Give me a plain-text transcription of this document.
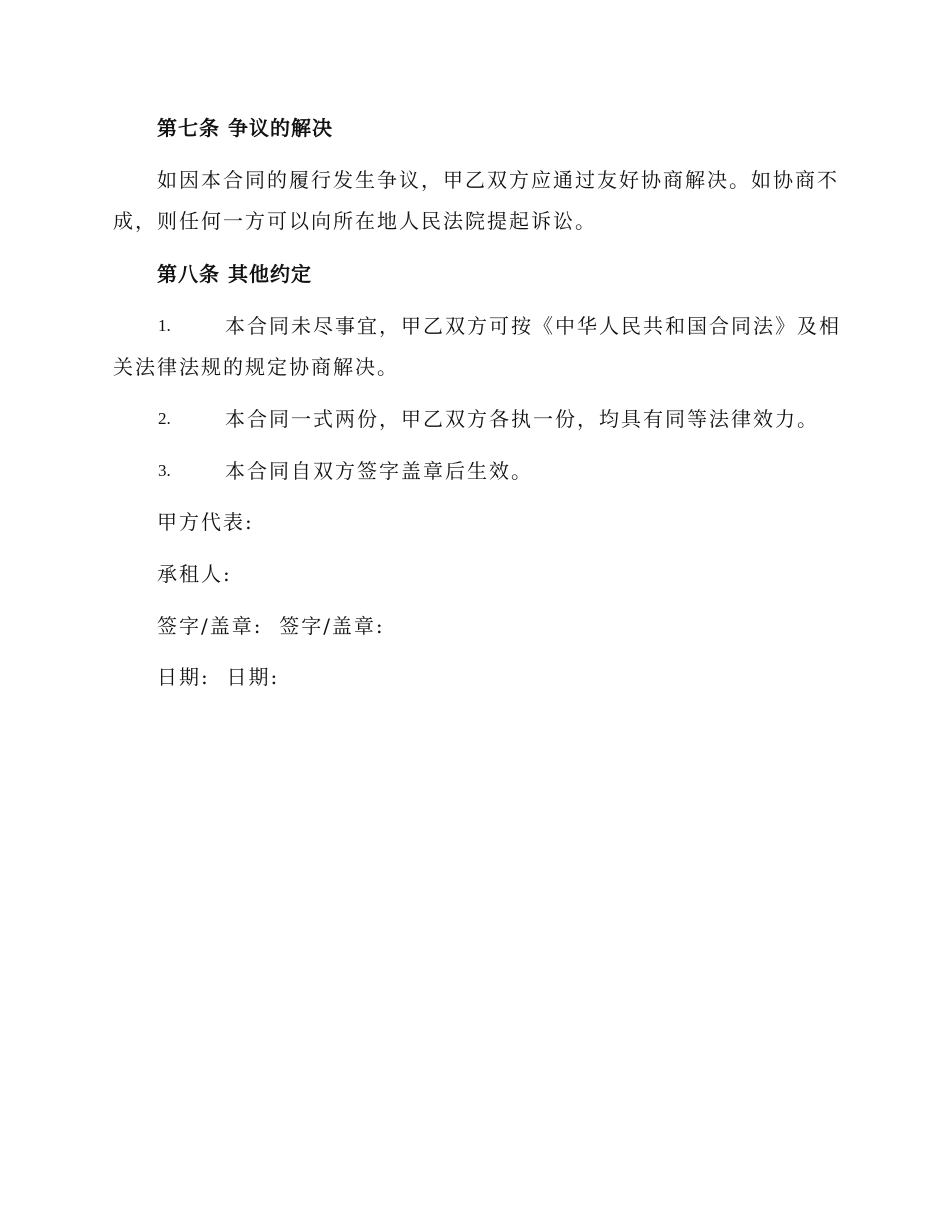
第七条 争议的解决
如因本合同的履行发生争议，甲乙双方应通过友好协商解决。如协商不
成，则任何一方可以向所在地人民法院提起诉讼。
第八条 其他约定
1.	本合同未尽事宜，甲乙双方可按《中华人民共和国合同法》及相
关法律法规的规定协商解决。
2.	本合同一式两份，甲乙双方各执一份，均具有同等法律效力。
3.	本合同自双方签字盖章后生效。
甲方代表:
承租人:
签字/盖章:  签字/盖章:
日期:  日期:
